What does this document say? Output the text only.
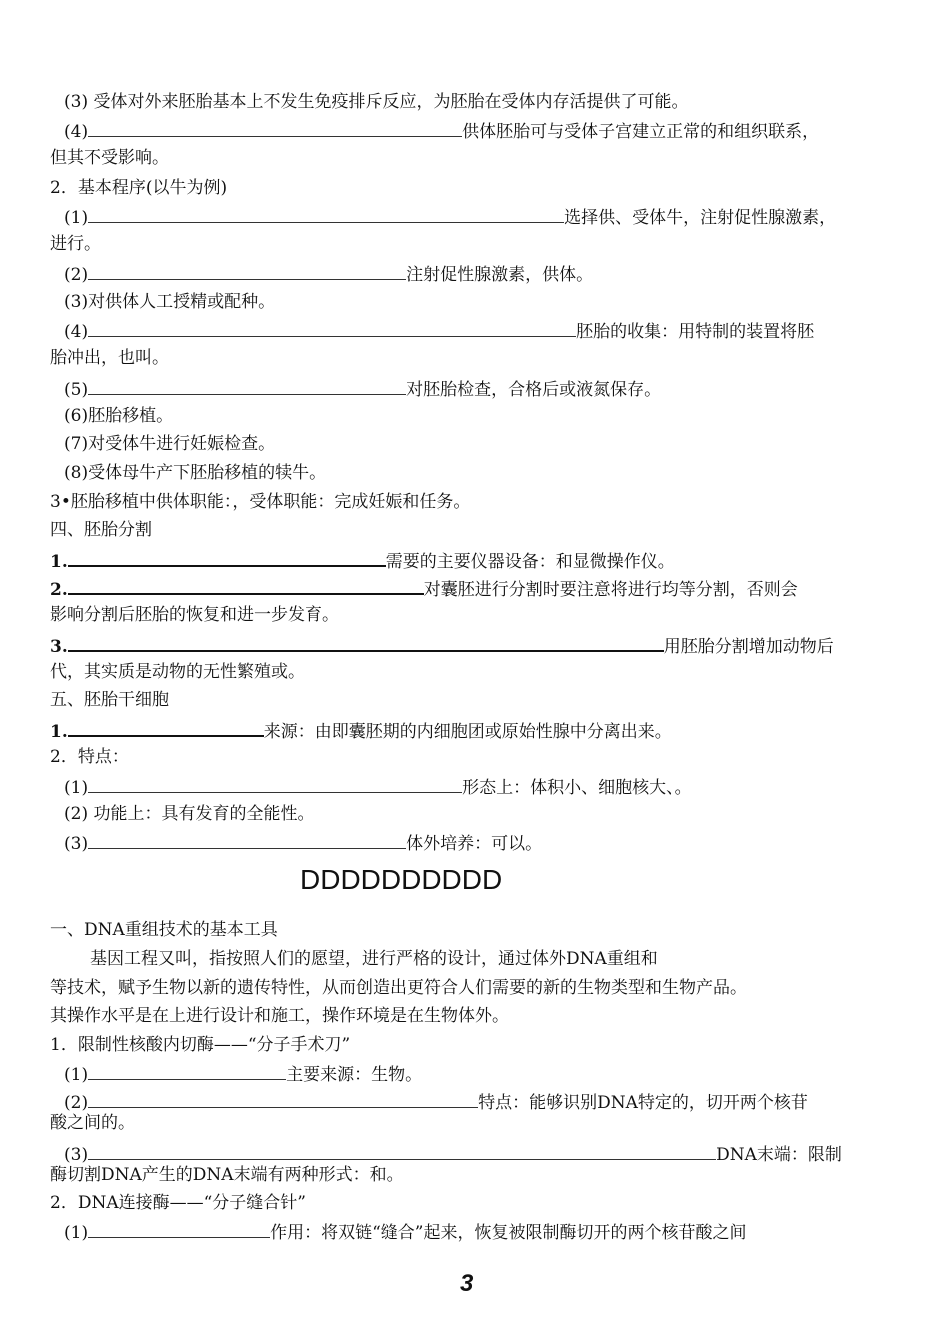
(3) 受体对外来胚胎基本上不发生免疫排斥反应，为胚胎在受体内存活提供了可能。
(4)	供体胚胎可与受体子宫建立正常的和组织联系，
但其不受影响。
2．基本程序(以牛为例)
(1)	选择供、受体牛，注射促性腺激素，
进行。
(2)	注射促性腺激素，供体。
(3)对供体人工授精或配种。
(4)	胚胎的收集：用特制的装置将胚
胎冲出，也叫。
(5)	对胚胎检查，合格后或液氮保存。
(6)胚胎移植。
(7)对受体牛进行妊娠检查。
(8)受体母牛产下胚胎移植的犊牛。
3•胚胎移植中供体职能：，受体职能：完成妊娠和任务。
四、胚胎分割
1.	需要的主要仪器设备：和显微操作仪。
2.	对囊胚进行分割时要注意将进行均等分割，否则会
影响分割后胚胎的恢复和进一步发育。
3.	用胚胎分割增加动物后
代，其实质是动物的无性繁殖或。
五、胚胎干细胞
1.	来源：由即囊胚期的内细胞团或原始性腺中分离出来。
2．特点：
(1)	形态上：体积小、细胞核大、。
(2) 功能上：具有发育的全能性。
(3)	体外培养：可以。
DDDDDDDDDD
一、DNA重组技术的基本工具
基因工程又叫，指按照人们的愿望，进行严格的设计，通过体外DNA重组和
等技术，赋予生物以新的遗传特性，从而创造出更符合人们需要的新的生物类型和生物产品。
其操作水平是在上进行设计和施工，操作环境是在生物体外。
1．限制性核酸内切酶——“分子手术刀”
(1)	主要来源：生物。
(2)	特点：能够识别DNA特定的，切开两个核苷
酸之间的。
(3)	DNA末端：限制
酶切割DNA产生的DNA末端有两种形式：和。
2．DNA连接酶——“分子缝合针”
(1)	作用：将双链“缝合”起来，恢复被限制酶切开的两个核苷酸之间
3
